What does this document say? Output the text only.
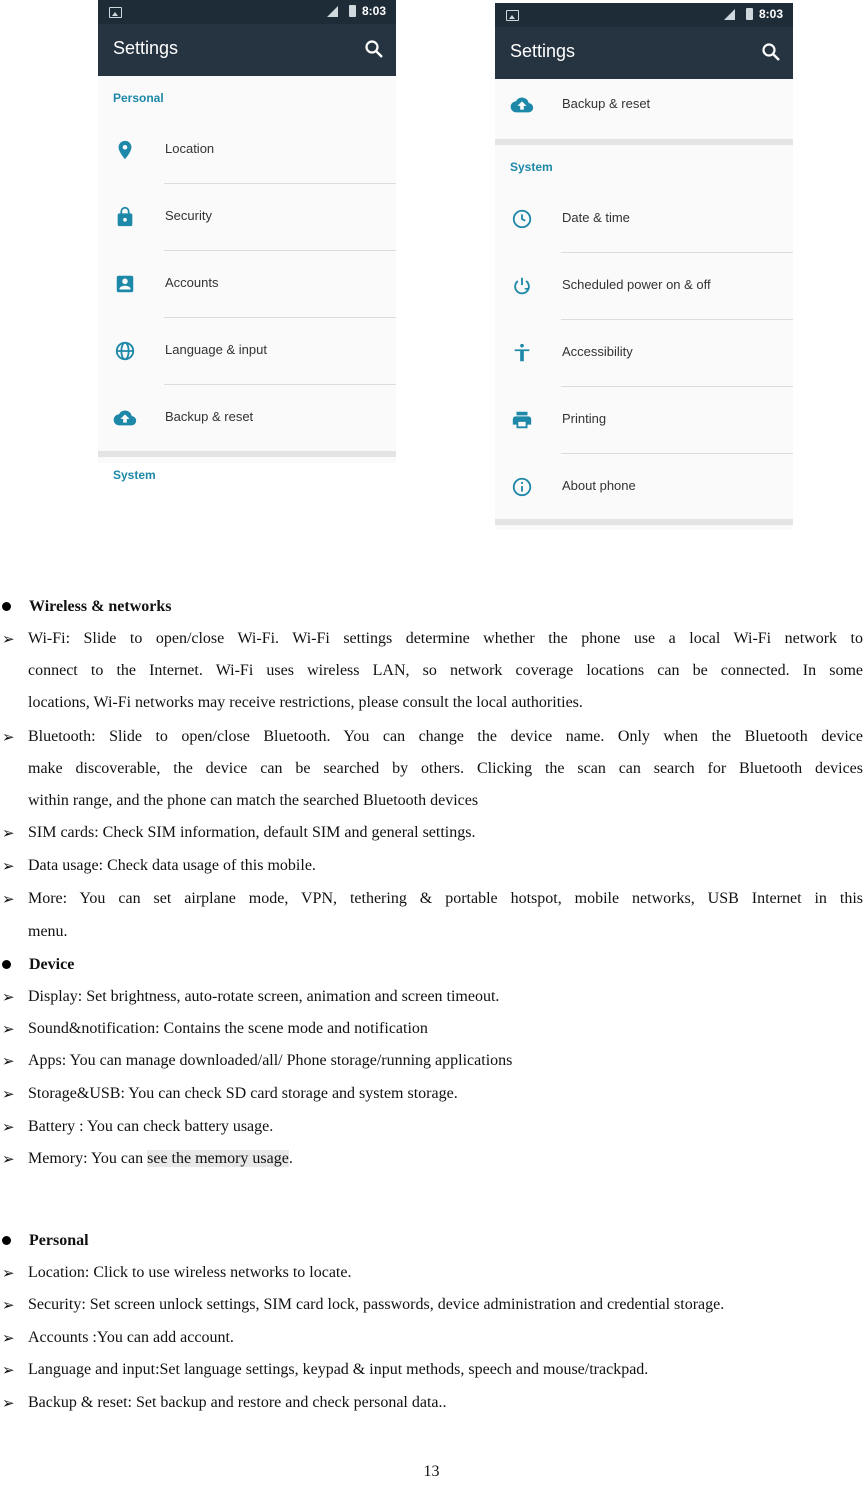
8:03
Settings
Personal
Location
Security
Accounts
Language & input
Backup & reset
System
8:03
Settings
Backup & reset
System
Date & time
Scheduled power on & off
Accessibility
Printing
About phone
Wireless & networks
➢ Wi-Fi: Slide to open/close Wi-Fi. Wi-Fi settings determine whether the phone use a local Wi-Fi network to
connect to the Internet. Wi-Fi uses wireless LAN, so network coverage locations can be connected. In some
locations, Wi-Fi networks may receive restrictions, please consult the local authorities.
➢ Bluetooth: Slide to open/close Bluetooth. You can change the device name. Only when the Bluetooth device
make discoverable, the device can be searched by others. Clicking the scan can search for Bluetooth devices
within range, and the phone can match the searched Bluetooth devices
➢ SIM cards: Check SIM information, default SIM and general settings.
➢ Data usage: Check data usage of this mobile.
➢ More: You can set airplane mode, VPN, tethering & portable hotspot, mobile networks, USB Internet in this
menu.
Device
➢ Display: Set brightness, auto-rotate screen, animation and screen timeout.
➢ Sound&notification: Contains the scene mode and notification
➢ Apps: You can manage downloaded/all/ Phone storage/running applications
➢ Storage&USB: You can check SD card storage and system storage.
➢ Battery : You can check battery usage.
➢ Memory: You can see the memory usage.
Personal
➢ Location: Click to use wireless networks to locate.
➢ Security: Set screen unlock settings, SIM card lock, passwords, device administration and credential storage.
➢ Accounts :You can add account.
➢ Language and input:Set language settings, keypad & input methods, speech and mouse/trackpad.
➢ Backup & reset: Set backup and restore and check personal data..
13
